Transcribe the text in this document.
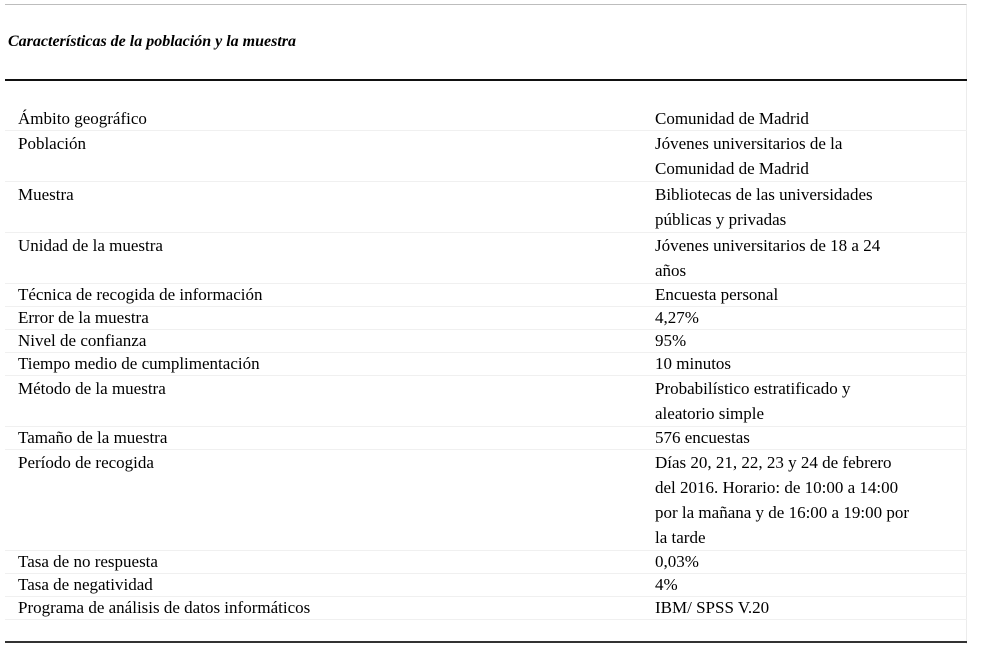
Características de la población y la muestra
Ámbito geográfico	Comunidad de Madrid
Población	Jóvenes universitarios de la
Comunidad de Madrid
Muestra	Bibliotecas de las universidades
públicas y privadas
Unidad de la muestra	Jóvenes universitarios de 18 a 24
años
Técnica de recogida de información	Encuesta personal
Error de la muestra	4,27%
Nivel de confianza	95%
Tiempo medio de cumplimentación	10 minutos
Método de la muestra	Probabilístico estratificado y
aleatorio simple
Tamaño de la muestra	576 encuestas
Período de recogida	Días 20, 21, 22, 23 y 24 de febrero
del 2016. Horario: de 10:00 a 14:00
por la mañana y de 16:00 a 19:00 por
la tarde
Tasa de no respuesta	0,03%
Tasa de negatividad	4%
Programa de análisis de datos informáticos	IBM/ SPSS V.20
